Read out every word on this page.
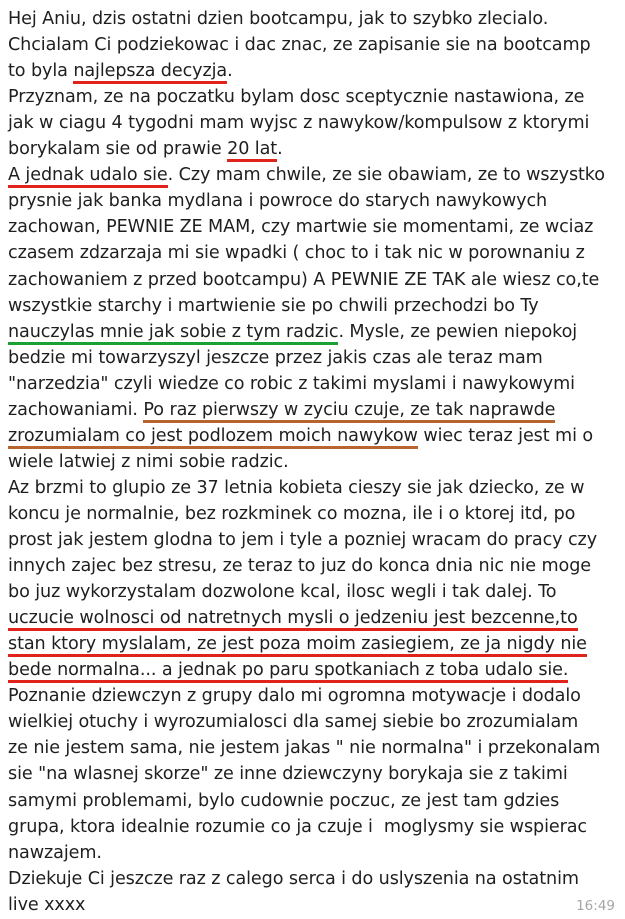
Hej Aniu, dzis ostatni dzien bootcampu, jak to szybko zlecialo.
Chcialam Ci podziekowac i dac znac, ze zapisanie sie na bootcamp
to byla najlepsza decyzja.
Przyznam, ze na poczatku bylam dosc sceptycznie nastawiona, ze
jak w ciagu 4 tygodni mam wyjsc z nawykow/kompulsow z ktorymi
borykalam sie od prawie 20 lat.
A jednak udalo sie. Czy mam chwile, ze sie obawiam, ze to wszystko
prysnie jak banka mydlana i powroce do starych nawykowych
zachowan, PEWNIE ZE MAM, czy martwie sie momentami, ze wciaz
czasem zdzarzaja mi sie wpadki ( choc to i tak nic w porownaniu z
zachowaniem z przed bootcampu) A PEWNIE ZE TAK ale wiesz co,te
wszystkie starchy i martwienie sie po chwili przechodzi bo Ty
nauczylas mnie jak sobie z tym radzic. Mysle, ze pewien niepokoj
bedzie mi towarzyszyl jeszcze przez jakis czas ale teraz mam
"narzedzia" czyli wiedze co robic z takimi myslami i nawykowymi
zachowaniami. Po raz pierwszy w zyciu czuje, ze tak naprawde
zrozumialam co jest podlozem moich nawykow wiec teraz jest mi o
wiele latwiej z nimi sobie radzic.
Az brzmi to glupio ze 37 letnia kobieta cieszy sie jak dziecko, ze w
koncu je normalnie, bez rozkminek co mozna, ile i o ktorej itd, po
prost jak jestem glodna to jem i tyle a pozniej wracam do pracy czy
innych zajec bez stresu, ze teraz to juz do konca dnia nic nie moge
bo juz wykorzystalam dozwolone kcal, ilosc wegli i tak dalej. To
uczucie wolnosci od natretnych mysli o jedzeniu jest bezcenne,to
stan ktory myslalam, ze jest poza moim zasiegiem, ze ja nigdy nie
bede normalna... a jednak po paru spotkaniach z toba udalo sie.
Poznanie dziewczyn z grupy dalo mi ogromna motywacje i dodalo
wielkiej otuchy i wyrozumialosci dla samej siebie bo zrozumialam
ze nie jestem sama, nie jestem jakas " nie normalna" i przekonalam
sie "na wlasnej skorze" ze inne dziewczyny borykaja sie z takimi
samymi problemami, bylo cudownie poczuc, ze jest tam gdzies
grupa, ktora idealnie rozumie co ja czuje i  moglysmy sie wspierac
nawzajem.
Dziekuje Ci jeszcze raz z calego serca i do uslyszenia na ostatnim
live xxxx	16:49
